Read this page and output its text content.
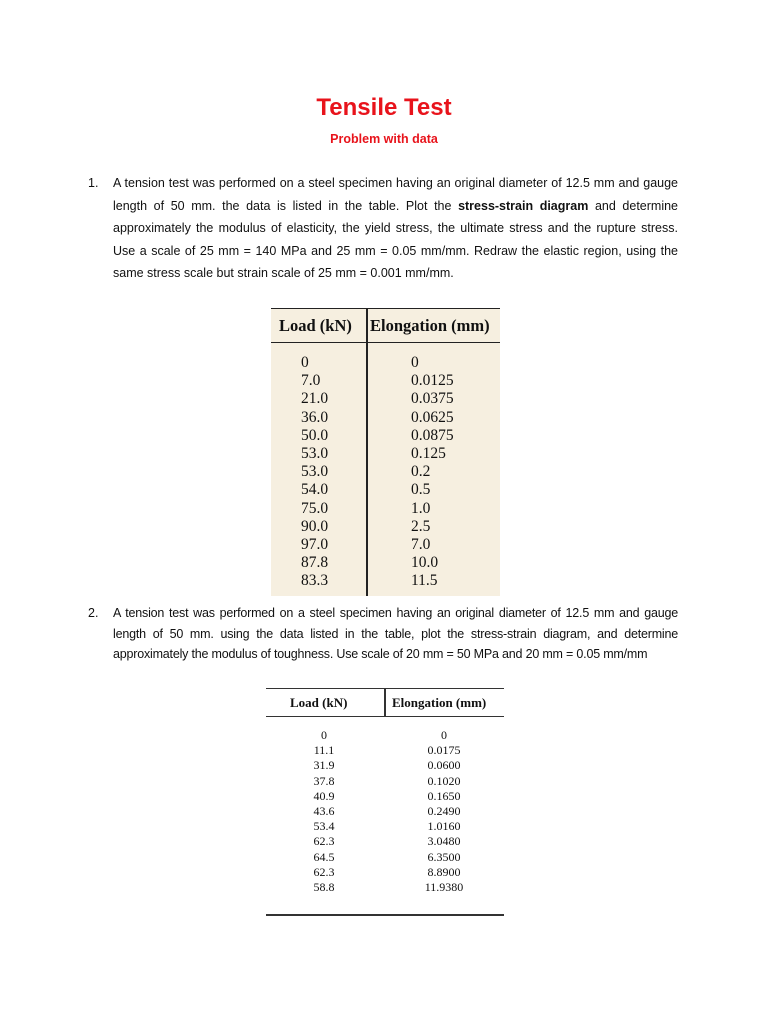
Tensile Test
Problem with data
1. A tension test was performed on a steel specimen having an original diameter of 12.5 mm and gauge length of 50 mm. the data is listed in the table. Plot the stress-strain diagram and determine approximately the modulus of elasticity, the yield stress, the ultimate stress and the rupture stress. Use a scale of 25 mm = 140 MPa and 25 mm = 0.05 mm/mm. Redraw the elastic region, using the same stress scale but strain scale of 25 mm = 0.001 mm/mm.
Load (kN) Elongation (mm)
0
7.0
21.0
36.0
50.0
53.0
53.0
54.0
75.0
90.0
97.0
87.8
83.3
0
0.0125
0.0375
0.0625
0.0875
0.125
0.2
0.5
1.0
2.5
7.0
10.0
11.5
2. A tension test was performed on a steel specimen having an original diameter of 12.5 mm and gauge length of 50 mm. using the data listed in the table, plot the stress-strain diagram, and determine approximately the modulus of toughness. Use scale of 20 mm = 50 MPa and 20 mm = 0.05 mm/mm
Load (kN)	Elongation (mm)
0
11.1
31.9
37.8
40.9
43.6
53.4
62.3
64.5
62.3
58.8
0
0.0175
0.0600
0.1020
0.1650
0.2490
1.0160
3.0480
6.3500
8.8900
11.9380
